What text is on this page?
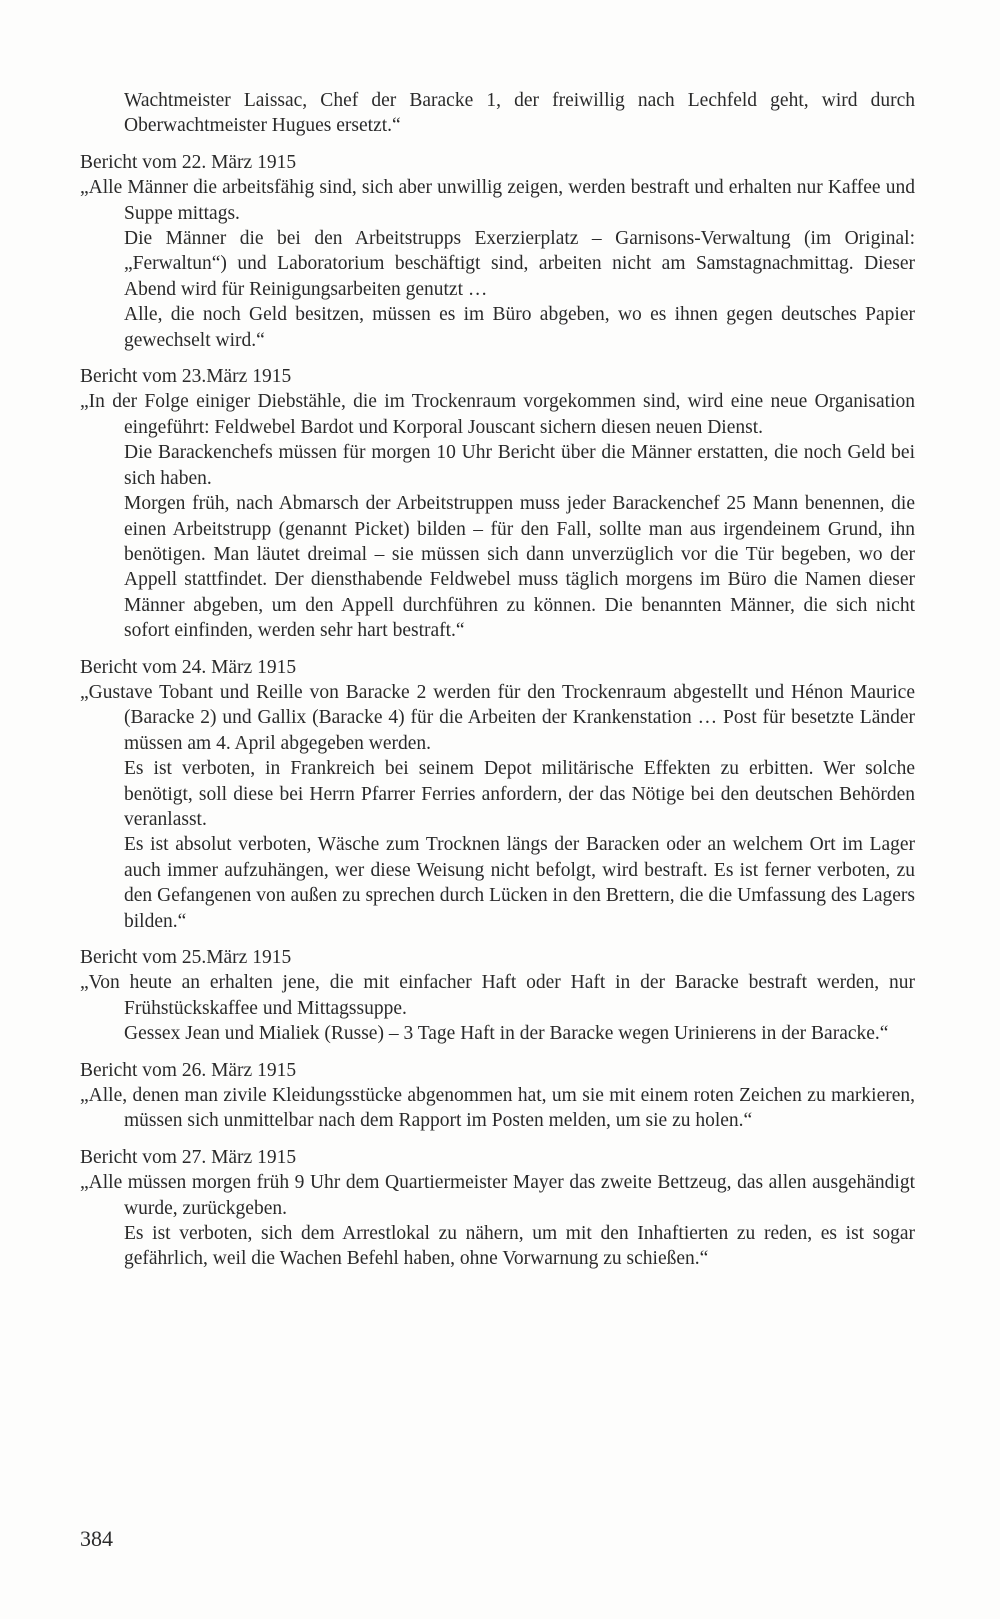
Wachtmeister Laissac, Chef der Baracke 1, der freiwillig nach Lechfeld geht, wird durch Oberwachtmeister Hugues ersetzt.“

Bericht vom 22. März 1915

„Alle Männer die arbeitsfähig sind, sich aber unwillig zeigen, werden bestraft und erhalten nur Kaffee und Suppe mittags.

Die Männer die bei den Arbeitstrupps Exerzierplatz – Garnisons-Verwaltung (im Original: „Ferwaltun“) und Laboratorium beschäftigt sind, arbeiten nicht am Samstagnachmittag. Dieser Abend wird für Reinigungsarbeiten genutzt …

Alle, die noch Geld besitzen, müssen es im Büro abgeben, wo es ihnen gegen deutsches Papier gewechselt wird.“

Bericht vom 23.März 1915

„In der Folge einiger Diebstähle, die im Trockenraum vorgekommen sind, wird eine neue Organisation eingeführt: Feldwebel Bardot und Korporal Jouscant sichern diesen neuen Dienst.

Die Barackenchefs müssen für morgen 10 Uhr Bericht über die Männer erstatten, die noch Geld bei sich haben.

Morgen früh, nach Abmarsch der Arbeitstruppen muss jeder Barackenchef 25 Mann benennen, die einen Arbeitstrupp (genannt Picket) bilden – für den Fall, sollte man aus irgendeinem Grund, ihn benötigen. Man läutet dreimal – sie müssen sich dann unverzüglich vor die Tür begeben, wo der Appell stattfindet. Der diensthabende Feldwebel muss täglich morgens im Büro die Namen dieser Männer abgeben, um den Appell durchführen zu können. Die benannten Männer, die sich nicht sofort einfinden, werden sehr hart bestraft.“

Bericht vom 24. März 1915

„Gustave Tobant und Reille von Baracke 2 werden für den Trockenraum abgestellt und Hénon Maurice (Baracke 2) und Gallix (Baracke 4) für die Arbeiten der Krankenstation … Post für besetzte Länder müssen am 4. April abgegeben werden.

Es ist verboten, in Frankreich bei seinem Depot militärische Effekten zu erbitten. Wer solche benötigt, soll diese bei Herrn Pfarrer Ferries anfordern, der das Nötige bei den deutschen Behörden veranlasst.

Es ist absolut verboten, Wäsche zum Trocknen längs der Baracken oder an welchem Ort im Lager auch immer aufzuhängen, wer diese Weisung nicht befolgt, wird bestraft. Es ist ferner verboten, zu den Gefangenen von außen zu sprechen durch Lücken in den Brettern, die die Umfassung des Lagers bilden.“

Bericht vom 25.März 1915

„Von heute an erhalten jene, die mit einfacher Haft oder Haft in der Baracke bestraft werden, nur Frühstückskaffee und Mittagssuppe.

Gessex Jean und Mialiek (Russe) – 3 Tage Haft in der Baracke wegen Urinierens in der Baracke.“

Bericht vom 26. März 1915

„Alle, denen man zivile Kleidungsstücke abgenommen hat, um sie mit einem roten Zeichen zu markieren, müssen sich unmittelbar nach dem Rapport im Posten melden, um sie zu holen.“

Bericht vom 27. März 1915

„Alle müssen morgen früh 9 Uhr dem Quartiermeister Mayer das zweite Bettzeug, das allen ausgehändigt wurde, zurückgeben.

Es ist verboten, sich dem Arrestlokal zu nähern, um mit den Inhaftierten zu reden, es ist sogar gefährlich, weil die Wachen Befehl haben, ohne Vorwarnung zu schießen.“

384
